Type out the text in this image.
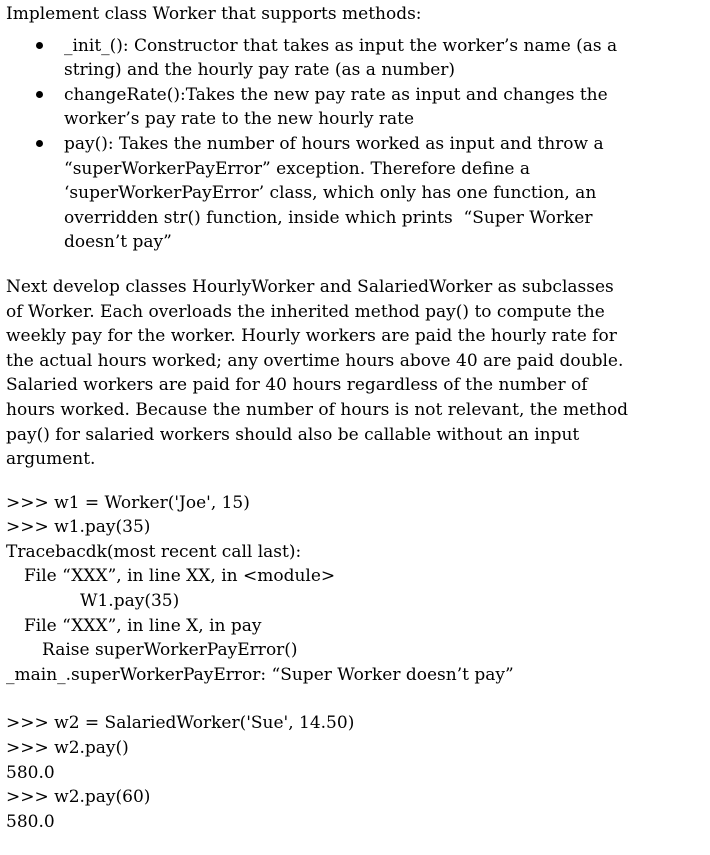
Implement class Worker that supports methods:
_init_(): Constructor that takes as input the worker’s name (as a
string) and the hourly pay rate (as a number)
changeRate():Takes the new pay rate as input and changes the
worker’s pay rate to the new hourly rate
pay(): Takes the number of hours worked as input and throw a
“superWorkerPayError” exception. Therefore define a
‘superWorkerPayError’ class, which only has one function, an
overridden str() function, inside which prints  “Super Worker
doesn’t pay”
Next develop classes HourlyWorker and SalariedWorker as subclasses
of Worker. Each overloads the inherited method pay() to compute the
weekly pay for the worker. Hourly workers are paid the hourly rate for
the actual hours worked; any overtime hours above 40 are paid double.
Salaried workers are paid for 40 hours regardless of the number of
hours worked. Because the number of hours is not relevant, the method
pay() for salaried workers should also be callable without an input
argument.
>>> w1 = Worker('Joe', 15)
>>> w1.pay(35)
Tracebacdk(most recent call last):
File “XXX”, in line XX, in <module>
W1.pay(35)
File “XXX”, in line X, in pay
Raise superWorkerPayError()
_main_.superWorkerPayError: “Super Worker doesn’t pay”
>>> w2 = SalariedWorker('Sue', 14.50)
>>> w2.pay()
580.0
>>> w2.pay(60)
580.0
